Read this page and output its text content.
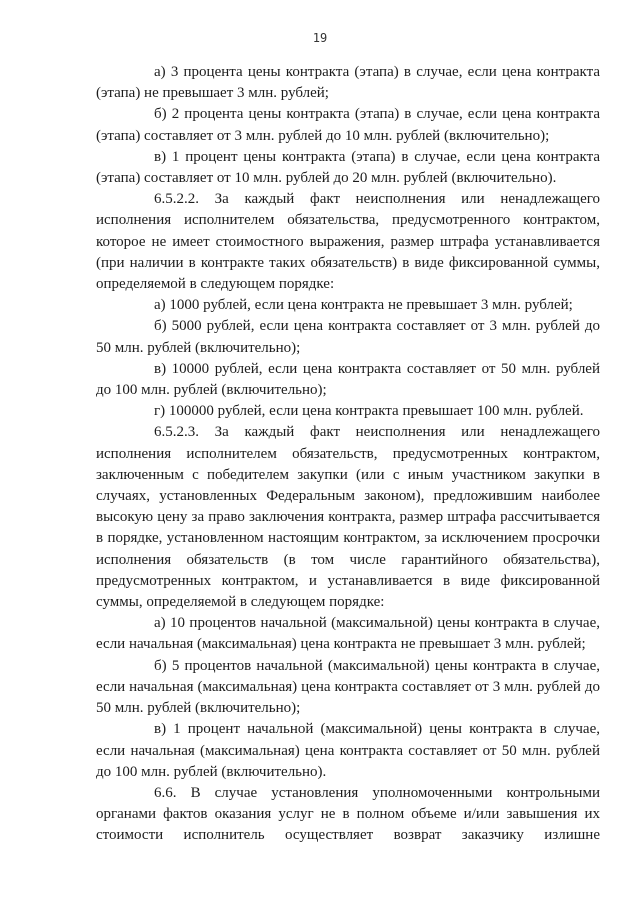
19

а) 3 процента цены контракта (этапа) в случае, если цена контракта (этапа) не превышает 3 млн. рублей;

б) 2 процента цены контракта (этапа) в случае, если цена контракта (этапа) составляет от 3 млн. рублей до 10 млн. рублей (включительно);

в) 1 процент цены контракта (этапа) в случае, если цена контракта (этапа) составляет от 10 млн. рублей до 20 млн. рублей (включительно).

6.5.2.2. За каждый факт неисполнения или ненадлежащего исполнения исполнителем обязательства, предусмотренного контрактом, которое не имеет стоимостного выражения, размер штрафа устанавливается (при наличии в контракте таких обязательств) в виде фиксированной суммы, определяемой в следующем порядке:

а) 1000 рублей, если цена контракта не превышает 3 млн. рублей;

б) 5000 рублей, если цена контракта составляет от 3 млн. рублей до 50 млн. рублей (включительно);

в) 10000 рублей, если цена контракта составляет от 50 млн. рублей до 100 млн. рублей (включительно);

г) 100000 рублей, если цена контракта превышает 100 млн. рублей.

6.5.2.3. За каждый факт неисполнения или ненадлежащего исполнения исполнителем обязательств, предусмотренных контрактом, заключенным с победителем закупки (или с иным участником закупки в случаях, установленных Федеральным законом), предложившим наиболее высокую цену за право заключения контракта, размер штрафа рассчитывается в порядке, установленном настоящим контрактом, за исключением просрочки исполнения обязательств (в том числе гарантийного обязательства), предусмотренных контрактом, и устанавливается в виде фиксированной суммы, определяемой в следующем порядке:

а) 10 процентов начальной (максимальной) цены контракта в случае, если начальная (максимальная) цена контракта не превышает 3 млн. рублей;

б) 5 процентов начальной (максимальной) цены контракта в случае, если начальная (максимальная) цена контракта составляет от 3 млн. рублей до 50 млн. рублей (включительно);

в) 1 процент начальной (максимальной) цены контракта в случае, если начальная (максимальная) цена контракта составляет от 50 млн. рублей до 100 млн. рублей (включительно).

6.6. В случае установления уполномоченными контрольными органами фактов оказания услуг не в полном объеме и/или завышения их стоимости исполнитель осуществляет возврат заказчику излишне
